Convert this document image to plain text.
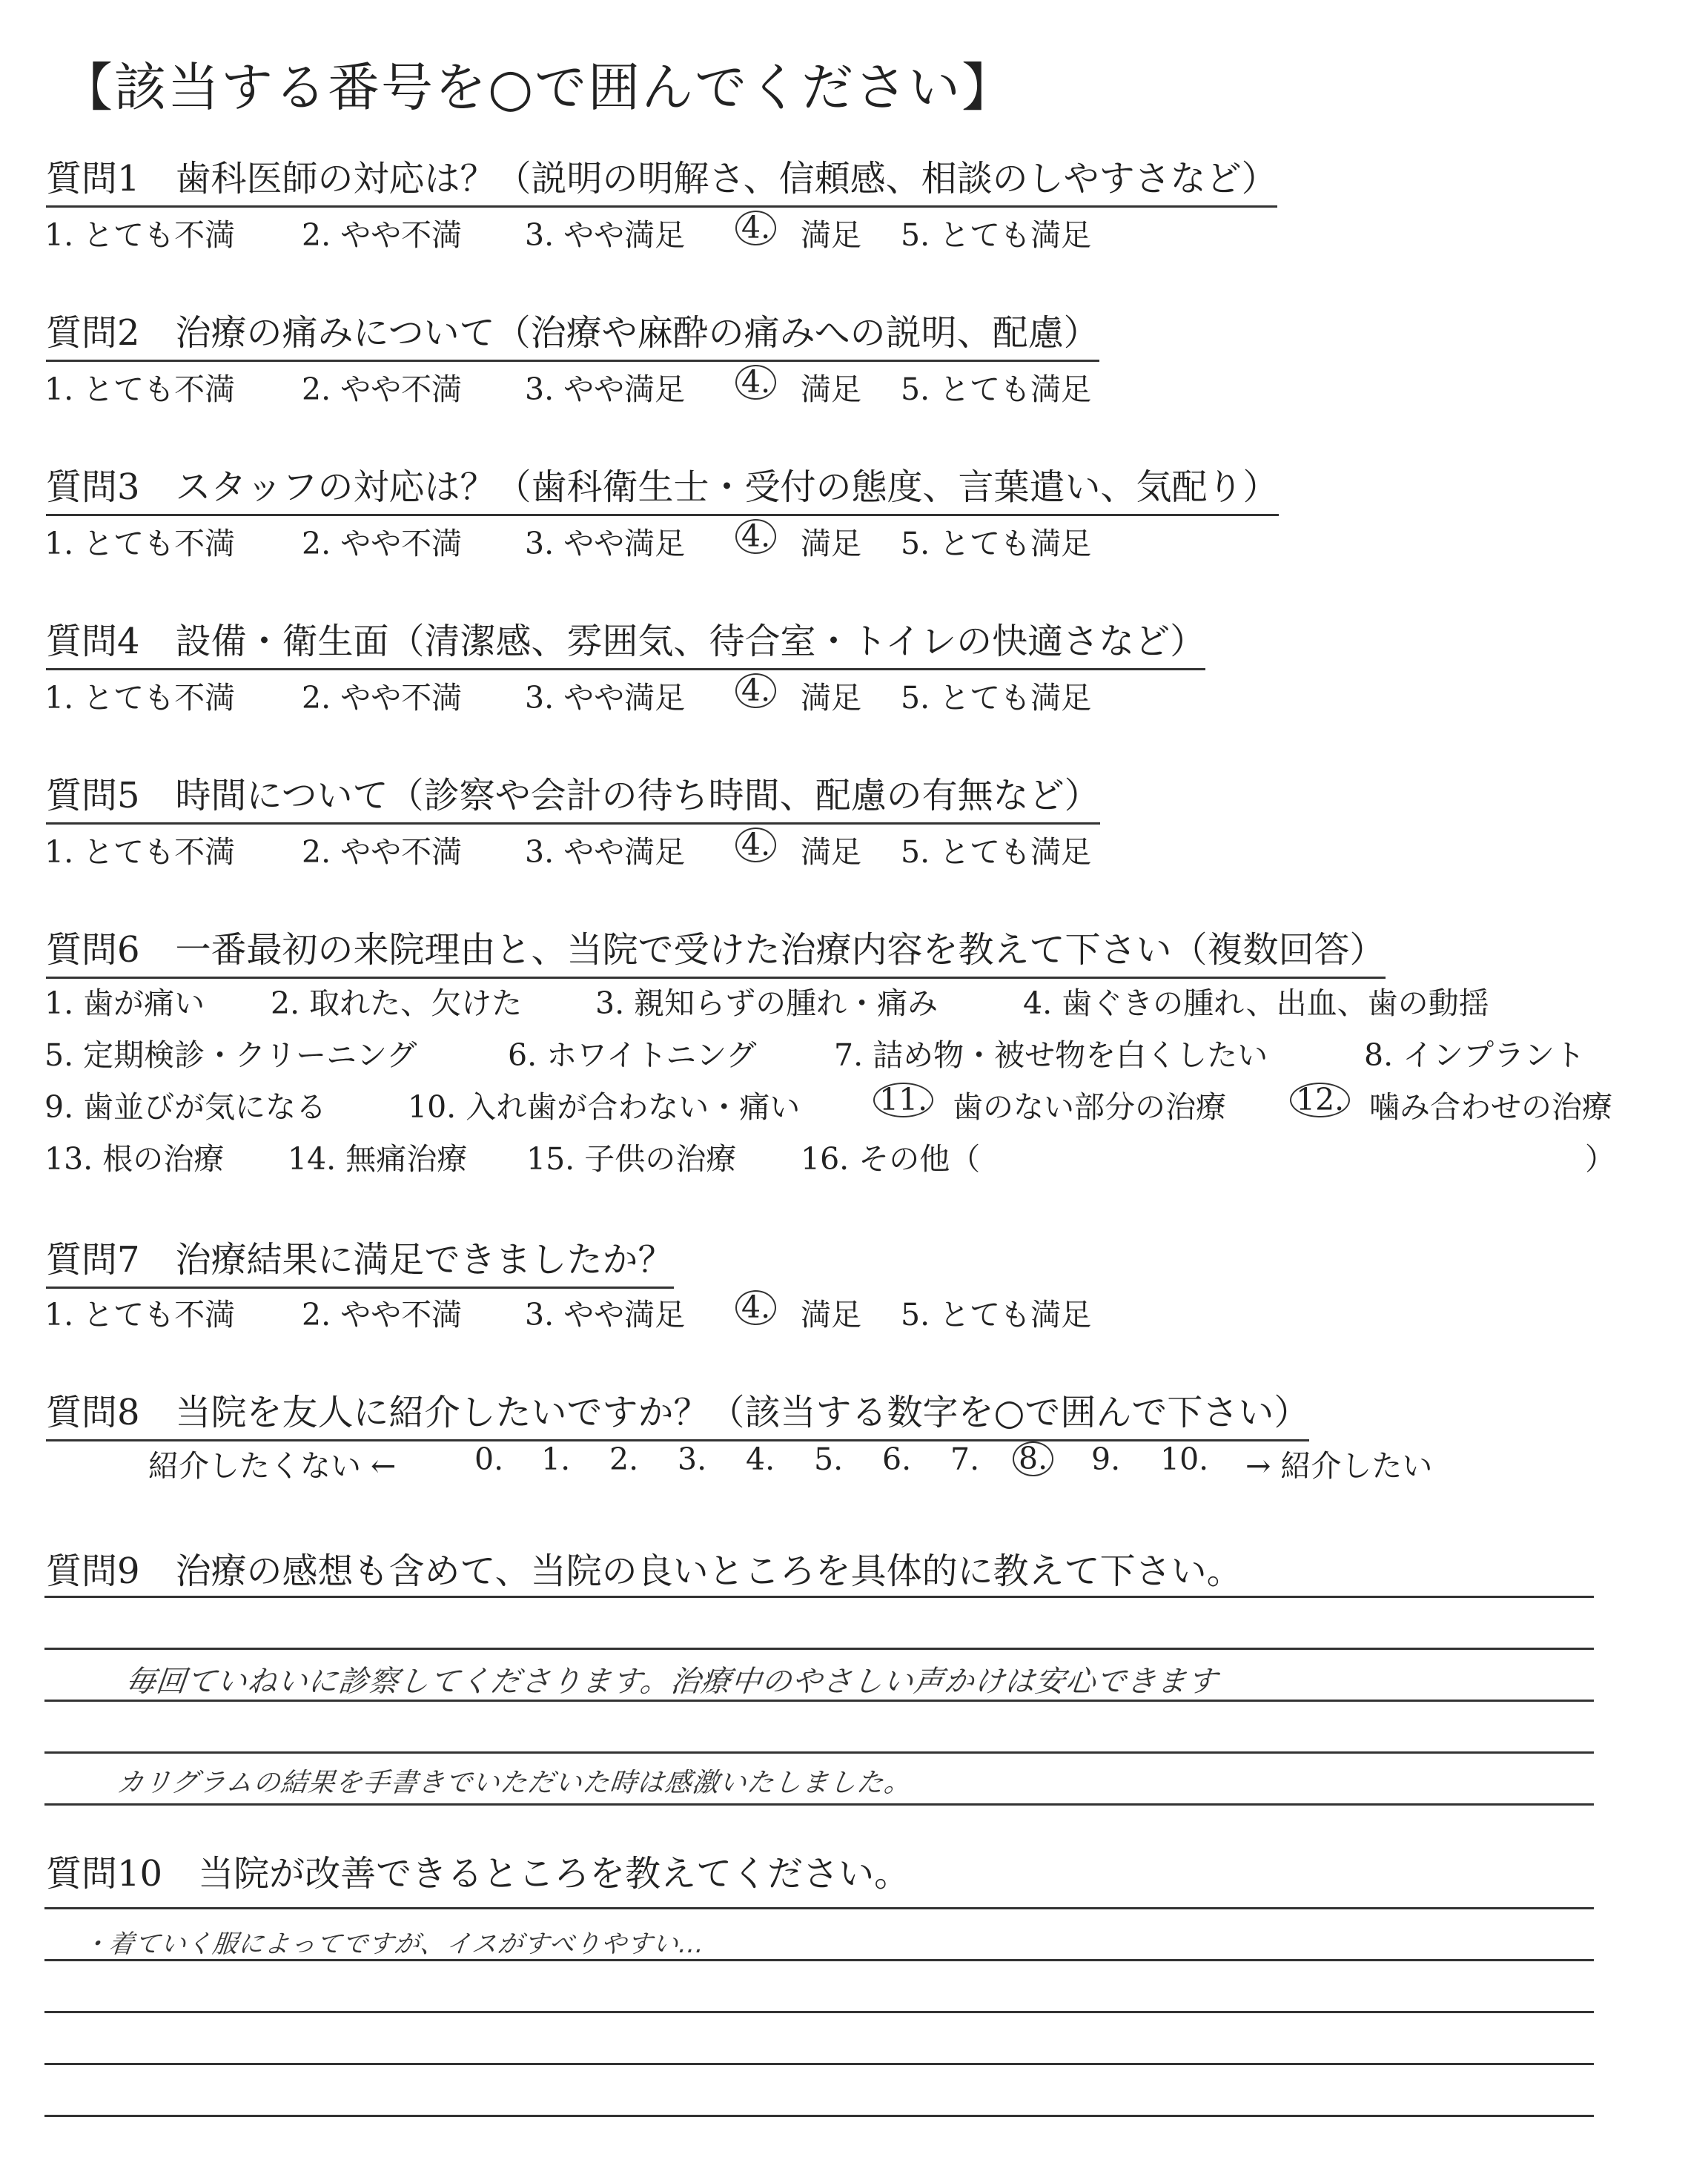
【該当する番号を○で囲んでください】
質問1　歯科医師の対応は？（説明の明解さ、信頼感、相談のしやすさなど）
1. とても不満 2. やや不満 3. やや満足 4. 満足 5. とても満足
質問2　治療の痛みについて（治療や麻酔の痛みへの説明、配慮）
1. とても不満 2. やや不満 3. やや満足 4. 満足 5. とても満足
質問3　スタッフの対応は？（歯科衛生士・受付の態度、言葉遣い、気配り）
1. とても不満 2. やや不満 3. やや満足 4. 満足 5. とても満足
質問4　設備・衛生面（清潔感、雰囲気、待合室・トイレの快適さなど）
1. とても不満 2. やや不満 3. やや満足 4. 満足 5. とても満足
質問5　時間について（診察や会計の待ち時間、配慮の有無など）
1. とても不満 2. やや不満 3. やや満足 4. 満足 5. とても満足
質問6　一番最初の来院理由と、当院で受けた治療内容を教えて下さい（複数回答）
1. 歯が痛い 2. 取れた、欠けた 3. 親知らずの腫れ・痛み	4. 歯ぐきの腫れ、出血、歯の動揺
5. 定期検診・クリーニング	6. ホワイトニング	7. 詰め物・被せ物を白くしたい	8. インプラント
9. 歯並びが気になる	10. 入れ歯が合わない・痛い	11. 歯のない部分の治療 12. 噛み合わせの治療
13. 根の治療 14. 無痛治療 15. 子供の治療 16. その他（	）
質問7　治療結果に満足できましたか？
1. とても不満 2. やや不満 3. やや満足 4. 満足 5. とても満足
質問8　当院を友人に紹介したいですか？（該当する数字を○で囲んで下さい）
紹介したくない ←	0. 1. 2. 3. 4. 5. 6. 7. 8. 9. 10. → 紹介したい
質問9　治療の感想も含めて、当院の良いところを具体的に教えて下さい。
毎回ていねいに診察してくださります。治療中のやさしい声かけは安心できます
カリグラムの結果を手書きでいただいた時は感激いたしました。
質問10　当院が改善できるところを教えてください。
・着ていく服によってですが、イスがすべりやすい…
